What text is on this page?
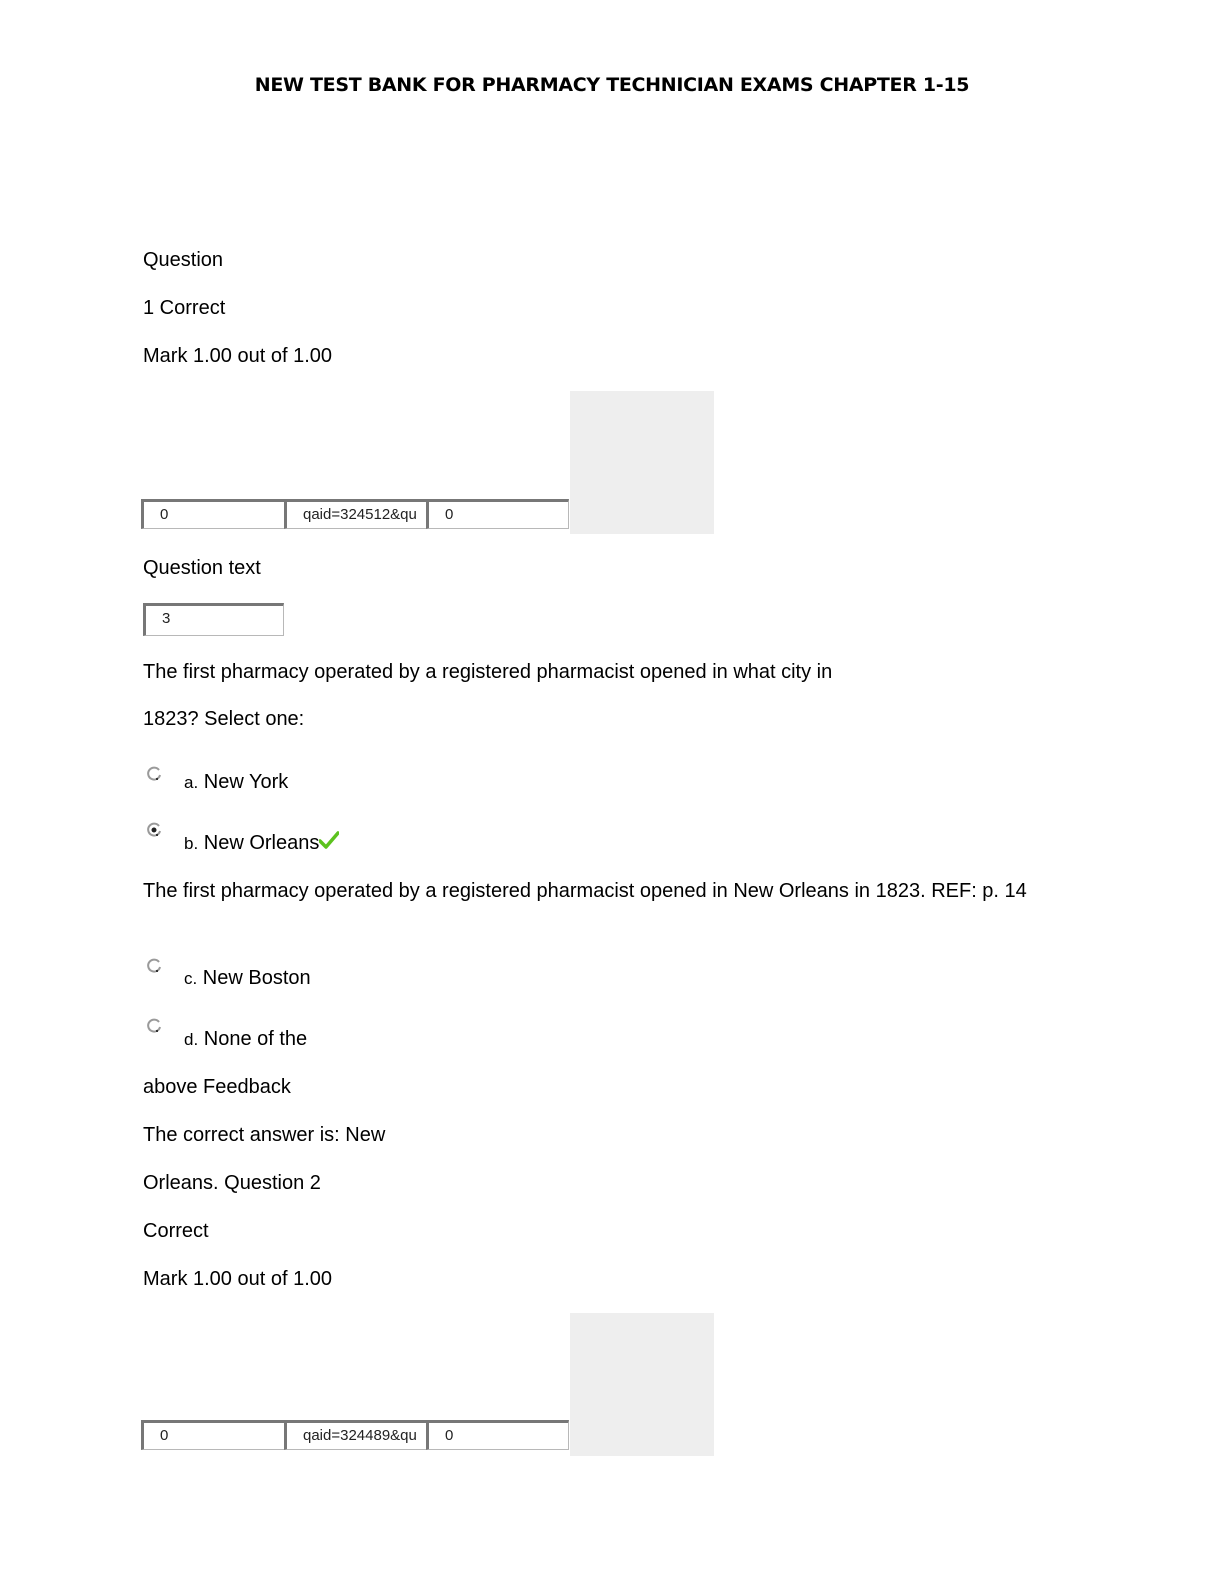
NEW TEST BANK FOR PHARMACY TECHNICIAN EXAMS CHAPTER 1-15
Question
1 Correct
Mark 1.00 out of 1.00
0	qaid=324512&qu	0
Question text
3
The first pharmacy operated by a registered pharmacist opened in what city in
1823? Select one:
a. New York
b. New Orleans
The first pharmacy operated by a registered pharmacist opened in New Orleans in 1823. REF: p. 14
c. New Boston
d. None of the
above Feedback
The correct answer is: New
Orleans. Question 2
Correct
Mark 1.00 out of 1.00
0	qaid=324489&qu	0
